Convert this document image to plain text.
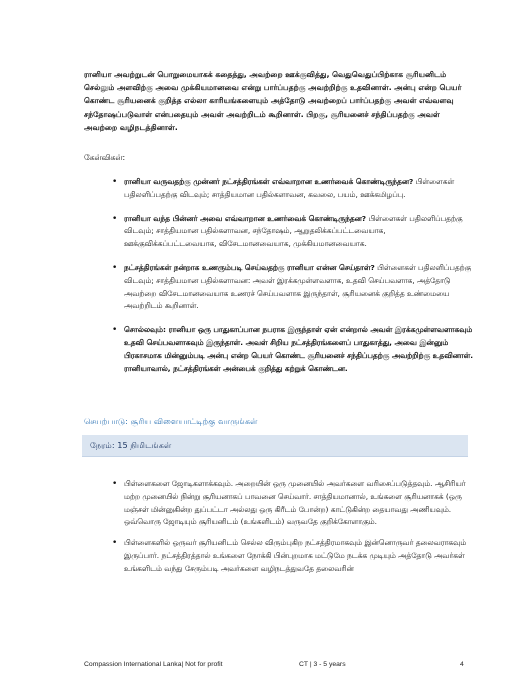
ரானியா அவற்றுடன் பொறுமையாகக் கதைத்து, அவற்றை ஊக்குவித்து, வெதுவெதுப்பிற்காக சூரியனிடம் செல்லும் அளவிற்கு அவை முக்கியமானவை என்று பார்ப்பதற்கு அவற்றிற்கு உதவினாள். அன்பு என்ற பெயர் கொண்ட சூரியனைக் குறித்த எல்லா காரியங்களையும் அத்தோடு அவற்றைப் பார்ப்பதற்கு அவள் எவ்வளவு சந்தோஷப்படுவாள் என்பதையும் அவள் அவற்றிடம் கூறினாள். பிறகு, சூரியனைச் சந்திப்பதற்கு அவள் அவற்றை வழிநடத்தினாள்.
கேள்விகள்:
• ரானியா வருவதற்கு முன்னர் நட்சத்திரங்கள் எவ்வாறான உணர்வைக் கொண்டிருந்தன? பிள்ளைகள் பதிலளிப்பதற்கு விடவும்; சாத்தியமான பதில்களாவன, கவலை, பயம், ஊக்கமிழப்பு.
• ரானியா வந்த பின்னர் அவை எவ்வாறான உணர்வைக் கொண்டிருந்தன? பிள்ளைகள் பதிலளிப்பதற்கு விடவும்; சாத்தியமான பதில்களாவன, சந்தோஷம், ஆறுதலிக்கப்பட்டவையாக, ஊக்குவிக்கப்பட்டவையாக, விசேடமானவையாக, முக்கியமானவையாக.
• நட்சத்திரங்கள் நன்றாக உணரும்படி செய்வதற்கு ரானியா என்ன செய்தாள்? பிள்ளைகள் பதிலளிப்பதற்கு விடவும்; சாத்தியமான பதில்களாவன: அவள் இரக்கமுள்ளவளாக, உதவி செய்பவளாக, அத்தோடு அவற்றை விசேடமானவையாக உணரச் செய்பவளாக இருந்தாள், சூரியனைக் குறித்த உண்மையை அவற்றிடம் கூறினாள்.
• சொல்லவும்: ரானியா ஒரு பாதுகாப்பான நபராக இருந்தாள் ஏன் என்றால் அவள் இரக்கமுள்ளவளாகவும் உதவி செய்பவளாகவும் இருந்தாள். அவள் சிறிய நட்சத்திரங்களைப் பாதுகாத்து, அவை இன்னும் பிரகாசமாக மின்னும்படி அன்பு என்ற பெயர் கொண்ட சூரியனைச் சந்திப்பதற்கு அவற்றிற்கு உதவினாள். ரானியாவால், நட்சத்திரங்கள் அன்பைக் குறித்து கற்றுக் கொண்டன.
செயற்பாடு: சூரிய விளையாட்டிற்கு வாருங்கள்
நேரம்: 15 நிமிடங்கள்
• பிள்ளைகளை ஜோடிகளாக்கவும். அறையின் ஒரு முனையில் அவர்களை வரிசைப்படுத்தவும். ஆசிரியர் மற்ற முனையில் நின்று சூரியனாகப் பாவனை செய்வார். சாத்தியமானால், உங்களை சூரியனாகக் (ஒரு மஞ்சள் மின்னுகின்ற துப்பட்டா அல்லது ஒரு கிரீடம் போன்ற) காட்டுகின்ற தையாவது அணியவும். ஒவ்வொரு ஜோடியும் சூரியனிடம் (உங்களிடம்) வருவதே குறிக்கோளாகும்.
• பிள்ளைகளில் ஒருவர் சூரியனிடம் செல்ல விரும்புகிற நட்சத்திரமாகவும் இன்னொருவர் தலைவராகவும் இருப்பார். நட்சத்திரத்தால் உங்களை நோக்கி பின்புறமாக மட்டுமே நடக்க முடியும் அத்தோடு அவர்கள் உங்களிடம் வந்து சேரும்படி அவர்களை வழிநடத்துவதே தலைவரின்
Compassion International Lanka| Not for profit	CT | 3 - 5 years	4
